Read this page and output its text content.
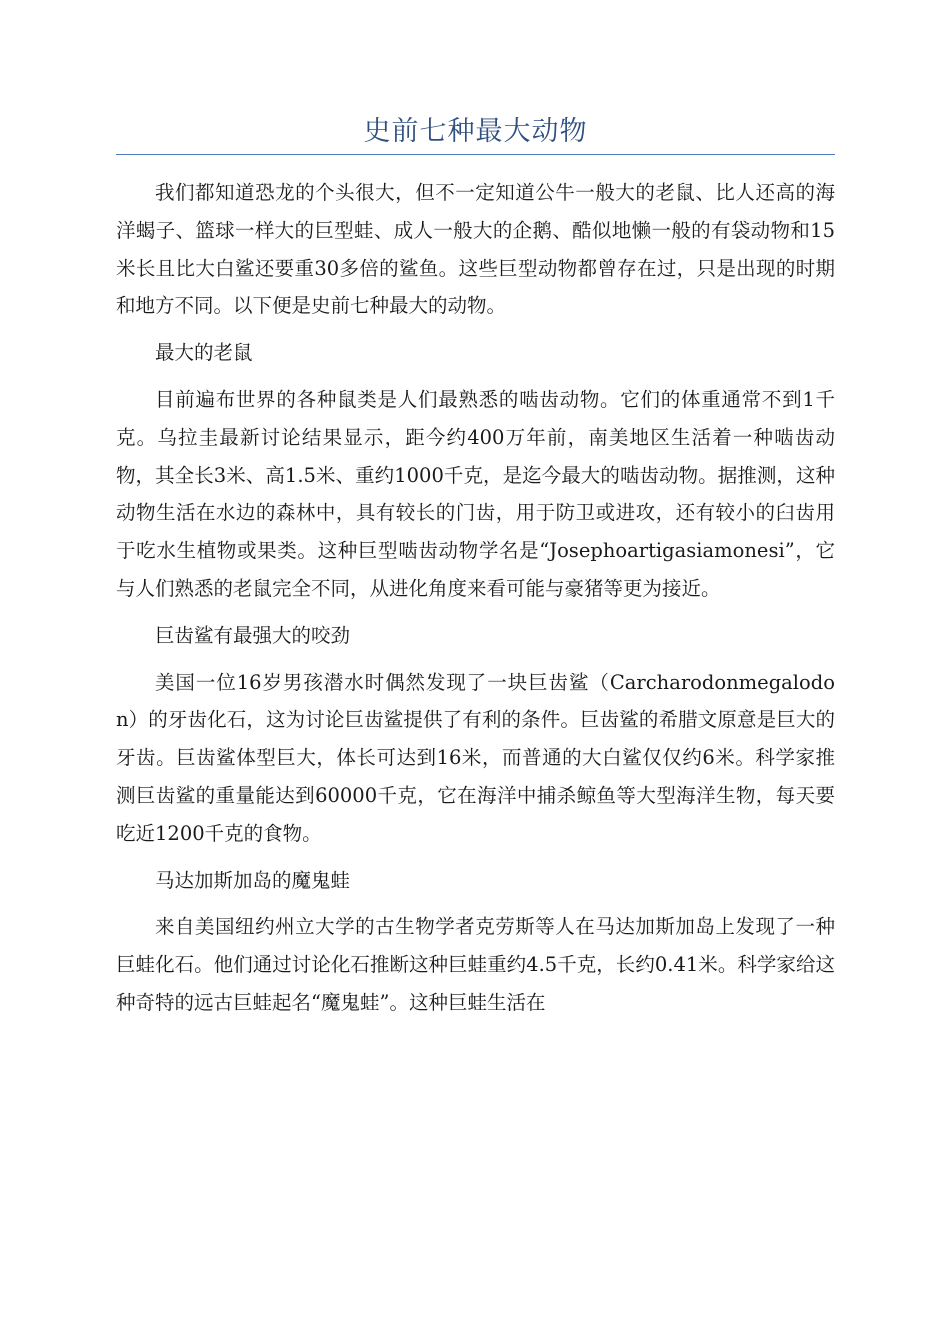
史前七种最大动物

我们都知道恐龙的个头很大，但不一定知道公牛一般大的老鼠、比人还高的海洋蝎子、篮球一样大的巨型蛙、成人一般大的企鹅、酷似地懒一般的有袋动物和15米长且比大白鲨还要重30多倍的鲨鱼。这些巨型动物都曾存在过，只是出现的时期和地方不同。以下便是史前七种最大的动物。

最大的老鼠

目前遍布世界的各种鼠类是人们最熟悉的啮齿动物。它们的体重通常不到1千克。乌拉圭最新讨论结果显示，距今约400万年前，南美地区生活着一种啮齿动物，其全长3米、高1.5米、重约1000千克，是迄今最大的啮齿动物。据推测，这种动物生活在水边的森林中，具有较长的门齿，用于防卫或进攻，还有较小的臼齿用于吃水生植物或果类。这种巨型啮齿动物学名是“Josephoartigasiamonesi”，它与人们熟悉的老鼠完全不同，从进化角度来看可能与豪猪等更为接近。

巨齿鲨有最强大的咬劲

美国一位16岁男孩潜水时偶然发现了一块巨齿鲨（Carcharodonmegalodon）的牙齿化石，这为讨论巨齿鲨提供了有利的条件。巨齿鲨的希腊文原意是巨大的牙齿。巨齿鲨体型巨大，体长可达到16米，而普通的大白鲨仅仅约6米。科学家推测巨齿鲨的重量能达到60000千克，它在海洋中捕杀鲸鱼等大型海洋生物，每天要吃近1200千克的食物。

马达加斯加岛的魔鬼蛙

来自美国纽约州立大学的古生物学者克劳斯等人在马达加斯加岛上发现了一种巨蛙化石。他们通过讨论化石推断这种巨蛙重约4.5千克，长约0.41米。科学家给这种奇特的远古巨蛙起名“魔鬼蛙”。这种巨蛙生活在
